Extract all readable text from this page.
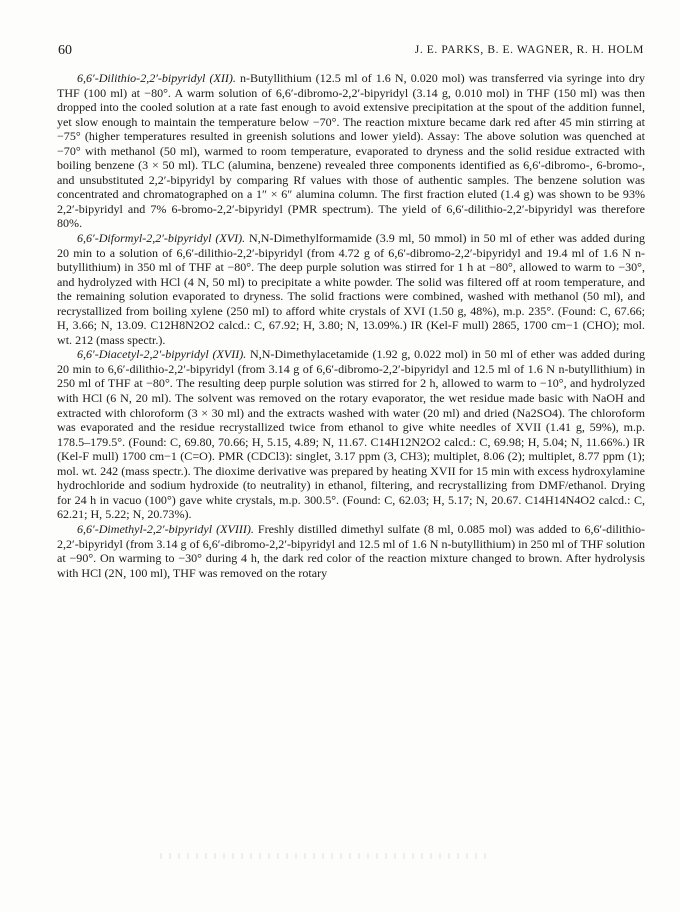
60	J. E. PARKS, B. E. WAGNER, R. H. HOLM

6,6′-Dilithio-2,2′-bipyridyl (XII). n-Butyllithium (12.5 ml of 1.6 N, 0.020 mol) was transferred via syringe into dry THF (100 ml) at −80°. A warm solution of 6,6′-dibromo-2,2′-bipyridyl (3.14 g, 0.010 mol) in THF (150 ml) was then dropped into the cooled solution at a rate fast enough to avoid extensive precipitation at the spout of the addition funnel, yet slow enough to maintain the temperature below −70°. The reaction mixture became dark red after 45 min stirring at −75° (higher temperatures resulted in greenish solutions and lower yield). Assay: The above solution was quenched at −70° with methanol (50 ml), warmed to room temperature, evaporated to dryness and the solid residue extracted with boiling benzene (3 × 50 ml). TLC (alumina, benzene) revealed three components identified as 6,6′-dibromo-, 6-bromo-, and unsubstituted 2,2′-bipyridyl by comparing Rf values with those of authentic samples. The benzene solution was concentrated and chromatographed on a 1″ × 6″ alumina column. The first fraction eluted (1.4 g) was shown to be 93% 2,2′-bipyridyl and 7% 6-bromo-2,2′-bipyridyl (PMR spectrum). The yield of 6,6′-dilithio-2,2′-bipyridyl was therefore 80%.

6,6′-Diformyl-2,2′-bipyridyl (XVI). N,N-Dimethylformamide (3.9 ml, 50 mmol) in 50 ml of ether was added during 20 min to a solution of 6,6′-dilithio-2,2′-bipyridyl (from 4.72 g of 6,6′-dibromo-2,2′-bipyridyl and 19.4 ml of 1.6 N n-butyllithium) in 350 ml of THF at −80°. The deep purple solution was stirred for 1 h at −80°, allowed to warm to −30°, and hydrolyzed with HCl (4 N, 50 ml) to precipitate a white powder. The solid was filtered off at room temperature, and the remaining solution evaporated to dryness. The solid fractions were combined, washed with methanol (50 ml), and recrystallized from boiling xylene (250 ml) to afford white crystals of XVI (1.50 g, 48%), m.p. 235°. (Found: C, 67.66; H, 3.66; N, 13.09. C12H8N2O2 calcd.: C, 67.92; H, 3.80; N, 13.09%.) IR (Kel-F mull) 2865, 1700 cm−1 (CHO); mol. wt. 212 (mass spectr.).

6,6′-Diacetyl-2,2′-bipyridyl (XVII). N,N-Dimethylacetamide (1.92 g, 0.022 mol) in 50 ml of ether was added during 20 min to 6,6′-dilithio-2,2′-bipyridyl (from 3.14 g of 6,6′-dibromo-2,2′-bipyridyl and 12.5 ml of 1.6 N n-butyllithium) in 250 ml of THF at −80°. The resulting deep purple solution was stirred for 2 h, allowed to warm to −10°, and hydrolyzed with HCl (6 N, 20 ml). The solvent was removed on the rotary evaporator, the wet residue made basic with NaOH and extracted with chloroform (3 × 30 ml) and the extracts washed with water (20 ml) and dried (Na2SO4). The chloroform was evaporated and the residue recrystallized twice from ethanol to give white needles of XVII (1.41 g, 59%), m.p. 178.5–179.5°. (Found: C, 69.80, 70.66; H, 5.15, 4.89; N, 11.67. C14H12N2O2 calcd.: C, 69.98; H, 5.04; N, 11.66%.) IR (Kel-F mull) 1700 cm−1 (C=O). PMR (CDCl3): singlet, 3.17 ppm (3, CH3); multiplet, 8.06 (2); multiplet, 8.77 ppm (1); mol. wt. 242 (mass spectr.). The dioxime derivative was prepared by heating XVII for 15 min with excess hydroxylamine hydrochloride and sodium hydroxide (to neutrality) in ethanol, filtering, and recrystallizing from DMF/ethanol. Drying for 24 h in vacuo (100°) gave white crystals, m.p. 300.5°. (Found: C, 62.03; H, 5.17; N, 20.67. C14H14N4O2 calcd.: C, 62.21; H, 5.22; N, 20.73%).

6,6′-Dimethyl-2,2′-bipyridyl (XVIII). Freshly distilled dimethyl sulfate (8 ml, 0.085 mol) was added to 6,6′-dilithio-2,2′-bipyridyl (from 3.14 g of 6,6′-dibromo-2,2′-bipyridyl and 12.5 ml of 1.6 N n-butyllithium) in 250 ml of THF solution at −90°. On warming to −30° during 4 h, the dark red color of the reaction mixture changed to brown. After hydrolysis with HCl (2N, 100 ml), THF was removed on the rotary
